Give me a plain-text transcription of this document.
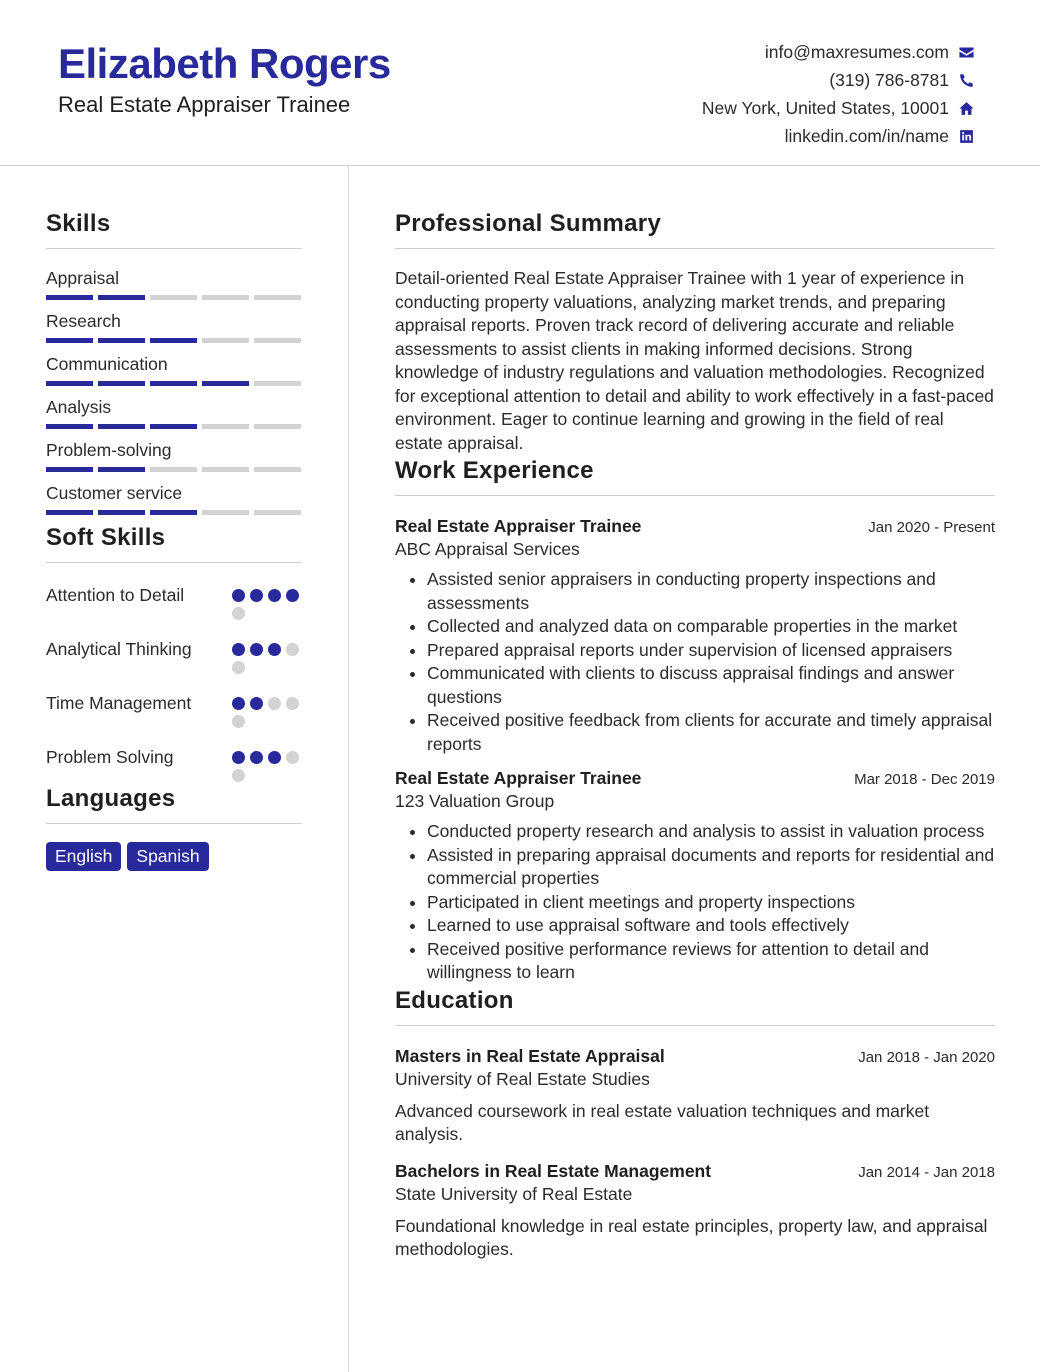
Elizabeth Rogers
Real Estate Appraiser Trainee
info@maxresumes.com
(319) 786-8781
New York, United States, 10001
linkedin.com/in/name
Skills
Appraisal
Research
Communication
Analysis
Problem-solving
Customer service
Soft Skills
Attention to Detail
Analytical Thinking
Time Management
Problem Solving
Languages
English	Spanish
Professional Summary

Detail-oriented Real Estate Appraiser Trainee with 1 year of experience in conducting property valuations, analyzing market trends, and preparing appraisal reports. Proven track record of delivering accurate and reliable assessments to assist clients in making informed decisions. Strong knowledge of industry regulations and valuation methodologies. Recognized for exceptional attention to detail and ability to work effectively in a fast-paced environment. Eager to continue learning and growing in the field of real estate appraisal.

Work Experience
Real Estate Appraiser Trainee	Jan 2020 - Present
ABC Appraisal Services
• Assisted senior appraisers in conducting property inspections and assessments
• Collected and analyzed data on comparable properties in the market
• Prepared appraisal reports under supervision of licensed appraisers
• Communicated with clients to discuss appraisal findings and answer questions
• Received positive feedback from clients for accurate and timely appraisal reports
Real Estate Appraiser Trainee	Mar 2018 - Dec 2019
123 Valuation Group
• Conducted property research and analysis to assist in valuation process
• Assisted in preparing appraisal documents and reports for residential and commercial properties
• Participated in client meetings and property inspections
• Learned to use appraisal software and tools effectively
• Received positive performance reviews for attention to detail and willingness to learn
Education
Masters in Real Estate Appraisal	Jan 2018 - Jan 2020
University of Real Estate Studies

Advanced coursework in real estate valuation techniques and market analysis.

Bachelors in Real Estate Management	Jan 2014 - Jan 2018
State University of Real Estate

Foundational knowledge in real estate principles, property law, and appraisal methodologies.
